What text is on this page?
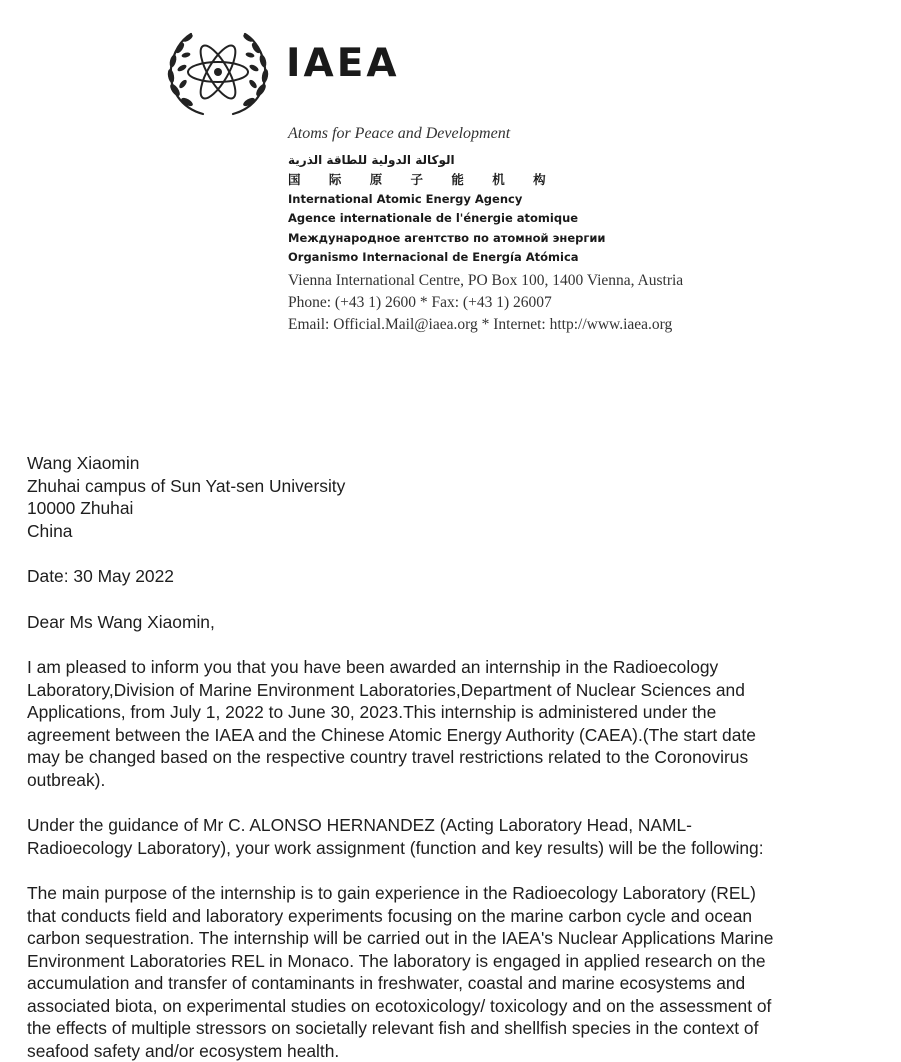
IAEA
Atoms for Peace and Development
الوكالة الدولية للطاقة الذرية
国 际 原 子 能 机 构
International Atomic Energy Agency
Agence internationale de l'énergie atomique
Международное агентство по атомной энергии
Organismo Internacional de Energía Atómica
Vienna International Centre, PO Box 100, 1400 Vienna, Austria
Phone: (+43 1) 2600 * Fax: (+43 1) 26007
Email: Official.Mail@iaea.org * Internet: http://www.iaea.org
Wang Xiaomin
Zhuhai campus of Sun Yat-sen University
10000 Zhuhai
China
Date: 30 May 2022
Dear Ms Wang Xiaomin,
I am pleased to inform you that you have been awarded an internship in the Radioecology
Laboratory,Division of Marine Environment Laboratories,Department of Nuclear Sciences and
Applications, from July 1, 2022 to June 30, 2023.This internship is administered under the
agreement between the IAEA and the Chinese Atomic Energy Authority (CAEA).(The start date
may be changed based on the respective country travel restrictions related to the Coronovirus
outbreak).
Under the guidance of Mr C. ALONSO HERNANDEZ (Acting Laboratory Head, NAML-
Radioecology Laboratory), your work assignment (function and key results) will be the following:
The main purpose of the internship is to gain experience in the Radioecology Laboratory (REL)
that conducts field and laboratory experiments focusing on the marine carbon cycle and ocean
carbon sequestration. The internship will be carried out in the IAEA's Nuclear Applications Marine
Environment Laboratories REL in Monaco. The laboratory is engaged in applied research on the
accumulation and transfer of contaminants in freshwater, coastal and marine ecosystems and
associated biota, on experimental studies on ecotoxicology/ toxicology and on the assessment of
the effects of multiple stressors on societally relevant fish and shellfish species in the context of
seafood safety and/or ecosystem health.
